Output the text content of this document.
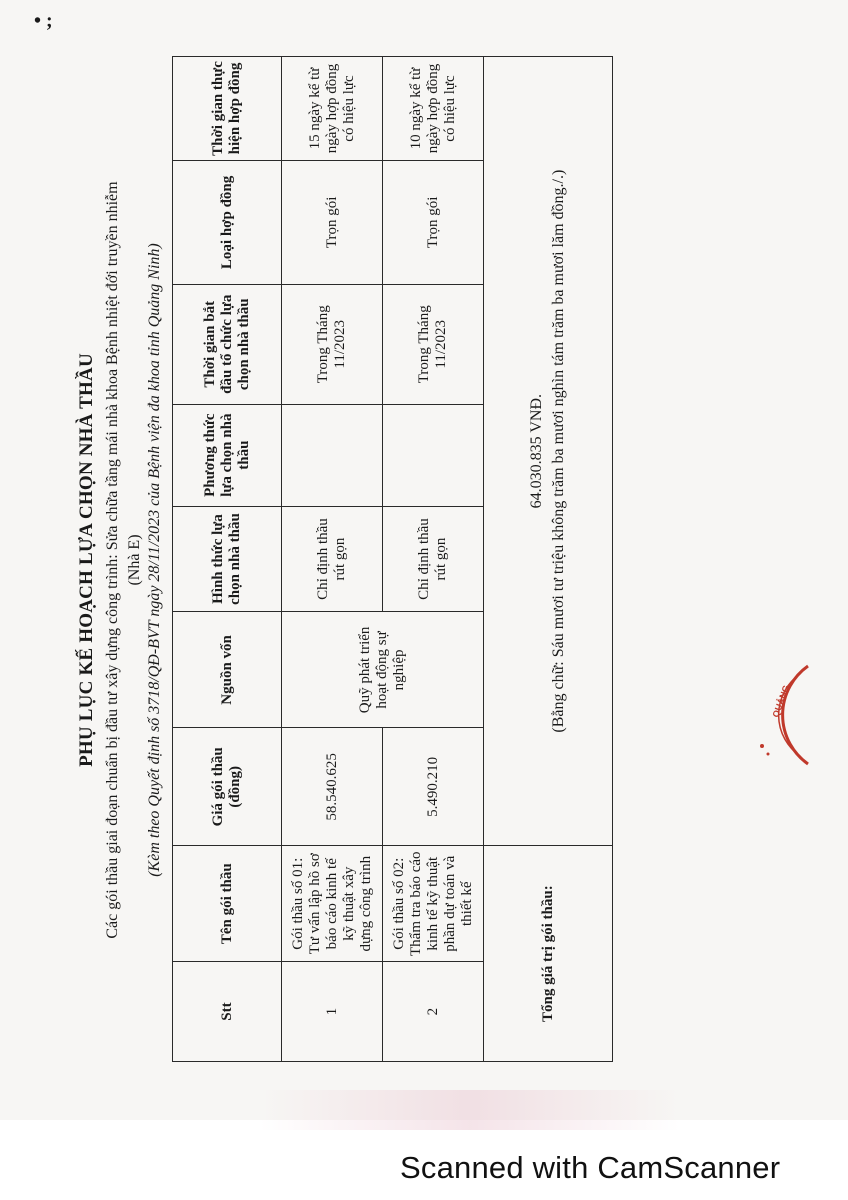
• ;
PHỤ LỤC KẾ HOẠCH LỰA CHỌN NHÀ THẦU Các gói thầu giai đoạn chuẩn bị đầu tư xây dựng công trình: Sửa chữa tầng mái nhà khoa Bệnh nhiệt đới truyền nhiễm (Nhà E) (Kèm theo Quyết định số 3718/QĐ-BVT ngày 28/11/2023 của Bệnh viện đa khoa tỉnh Quảng Ninh)
Stt	Tên gói thầu	Giá gói thầu (đồng)	Nguồn vốn	Hình thức lựa chọn nhà thầu	Phương thức lựa chọn nhà thầu	Thời gian bắt đầu tổ chức lựa chọn nhà thầu	Loại hợp đồng	Thời gian thực hiện hợp đồng
1	Gói thầu số 01: Tư vấn lập hồ sơ báo cáo kinh tế kỹ thuật xây dựng công trình	58.540.625	Quỹ phát triển hoạt động sự nghiệp	Chỉ định thầu rút gọn		Trong Tháng 11/2023	Trọn gói	15 ngày kể từ ngày hợp đồng có hiệu lực
2	Gói thầu số 02: Thẩm tra báo cáo kinh tế kỹ thuật phần dự toán và thiết kế	5.490.210		Chỉ định thầu rút gọn		Trong Tháng 11/2023	Trọn gói	10 ngày kể từ ngày hợp đồng có hiệu lực
Tổng giá trị gói thầu:		64.030.835 VNĐ. (Bằng chữ: Sáu mươi tư triệu không trăm ba mươi nghìn tám trăm ba mươi lăm đồng./.)							QUẢNG
Scanned with CamScanner
